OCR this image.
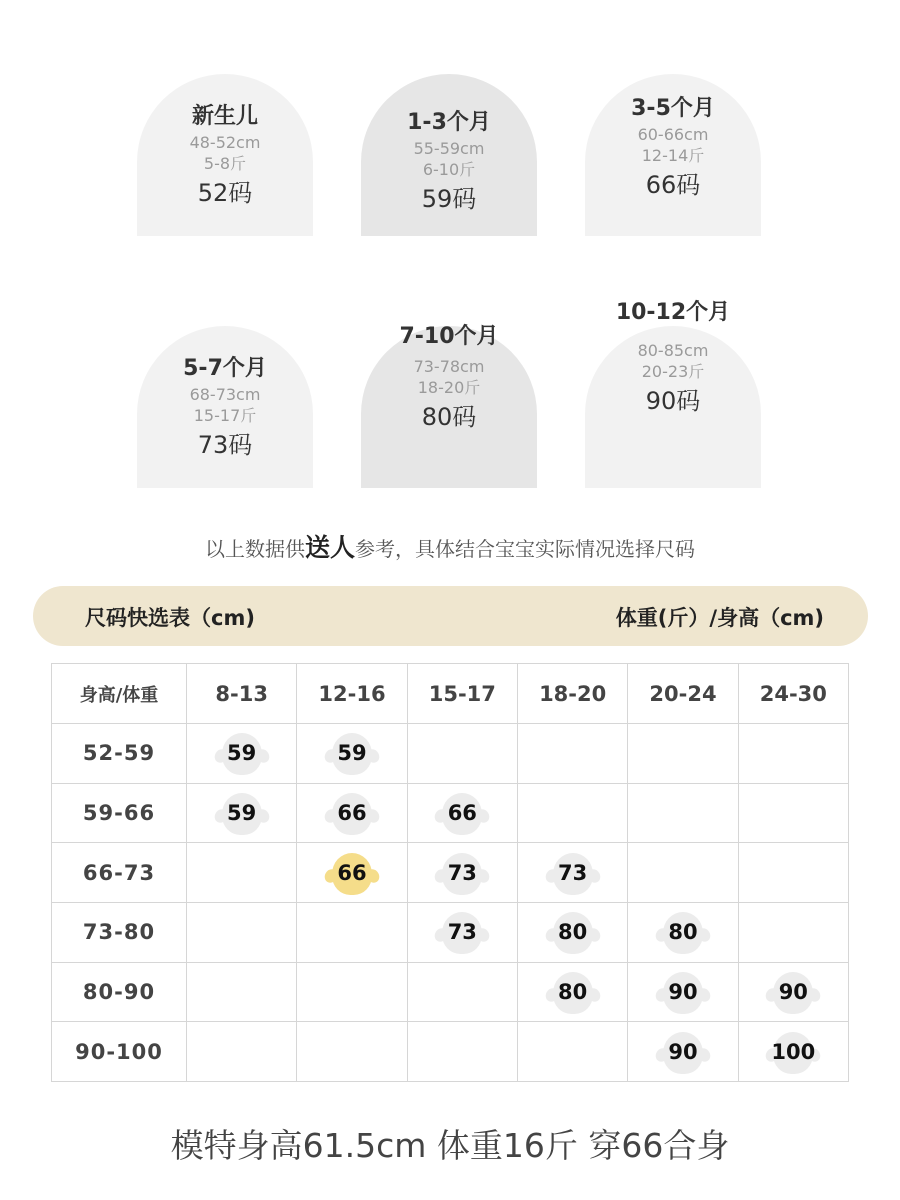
新生儿
48-52cm
5-8斤
52码
1-3个月
55-59cm
6-10斤
59码
3-5个月
60-66cm
12-14斤
66码
5-7个月
68-73cm
15-17斤
73码
7-10个月
73-78cm
18-20斤
80码
10-12个月
80-85cm
20-23斤
90码
以上数据供送人参考，具体结合宝宝实际情况选择尺码
尺码快选表（cm)	体重(斤）/身高（cm)
身高/体重	8-13	12-16	15-17	18-20	20-24	24-30
52-59	59	59				

59-66	59	66	66			

66-73		66	73	73		

73-80			73	80	80	

80-90				80	90	90

90-100					90	100
模特身高61.5cm 体重16斤 穿66合身
